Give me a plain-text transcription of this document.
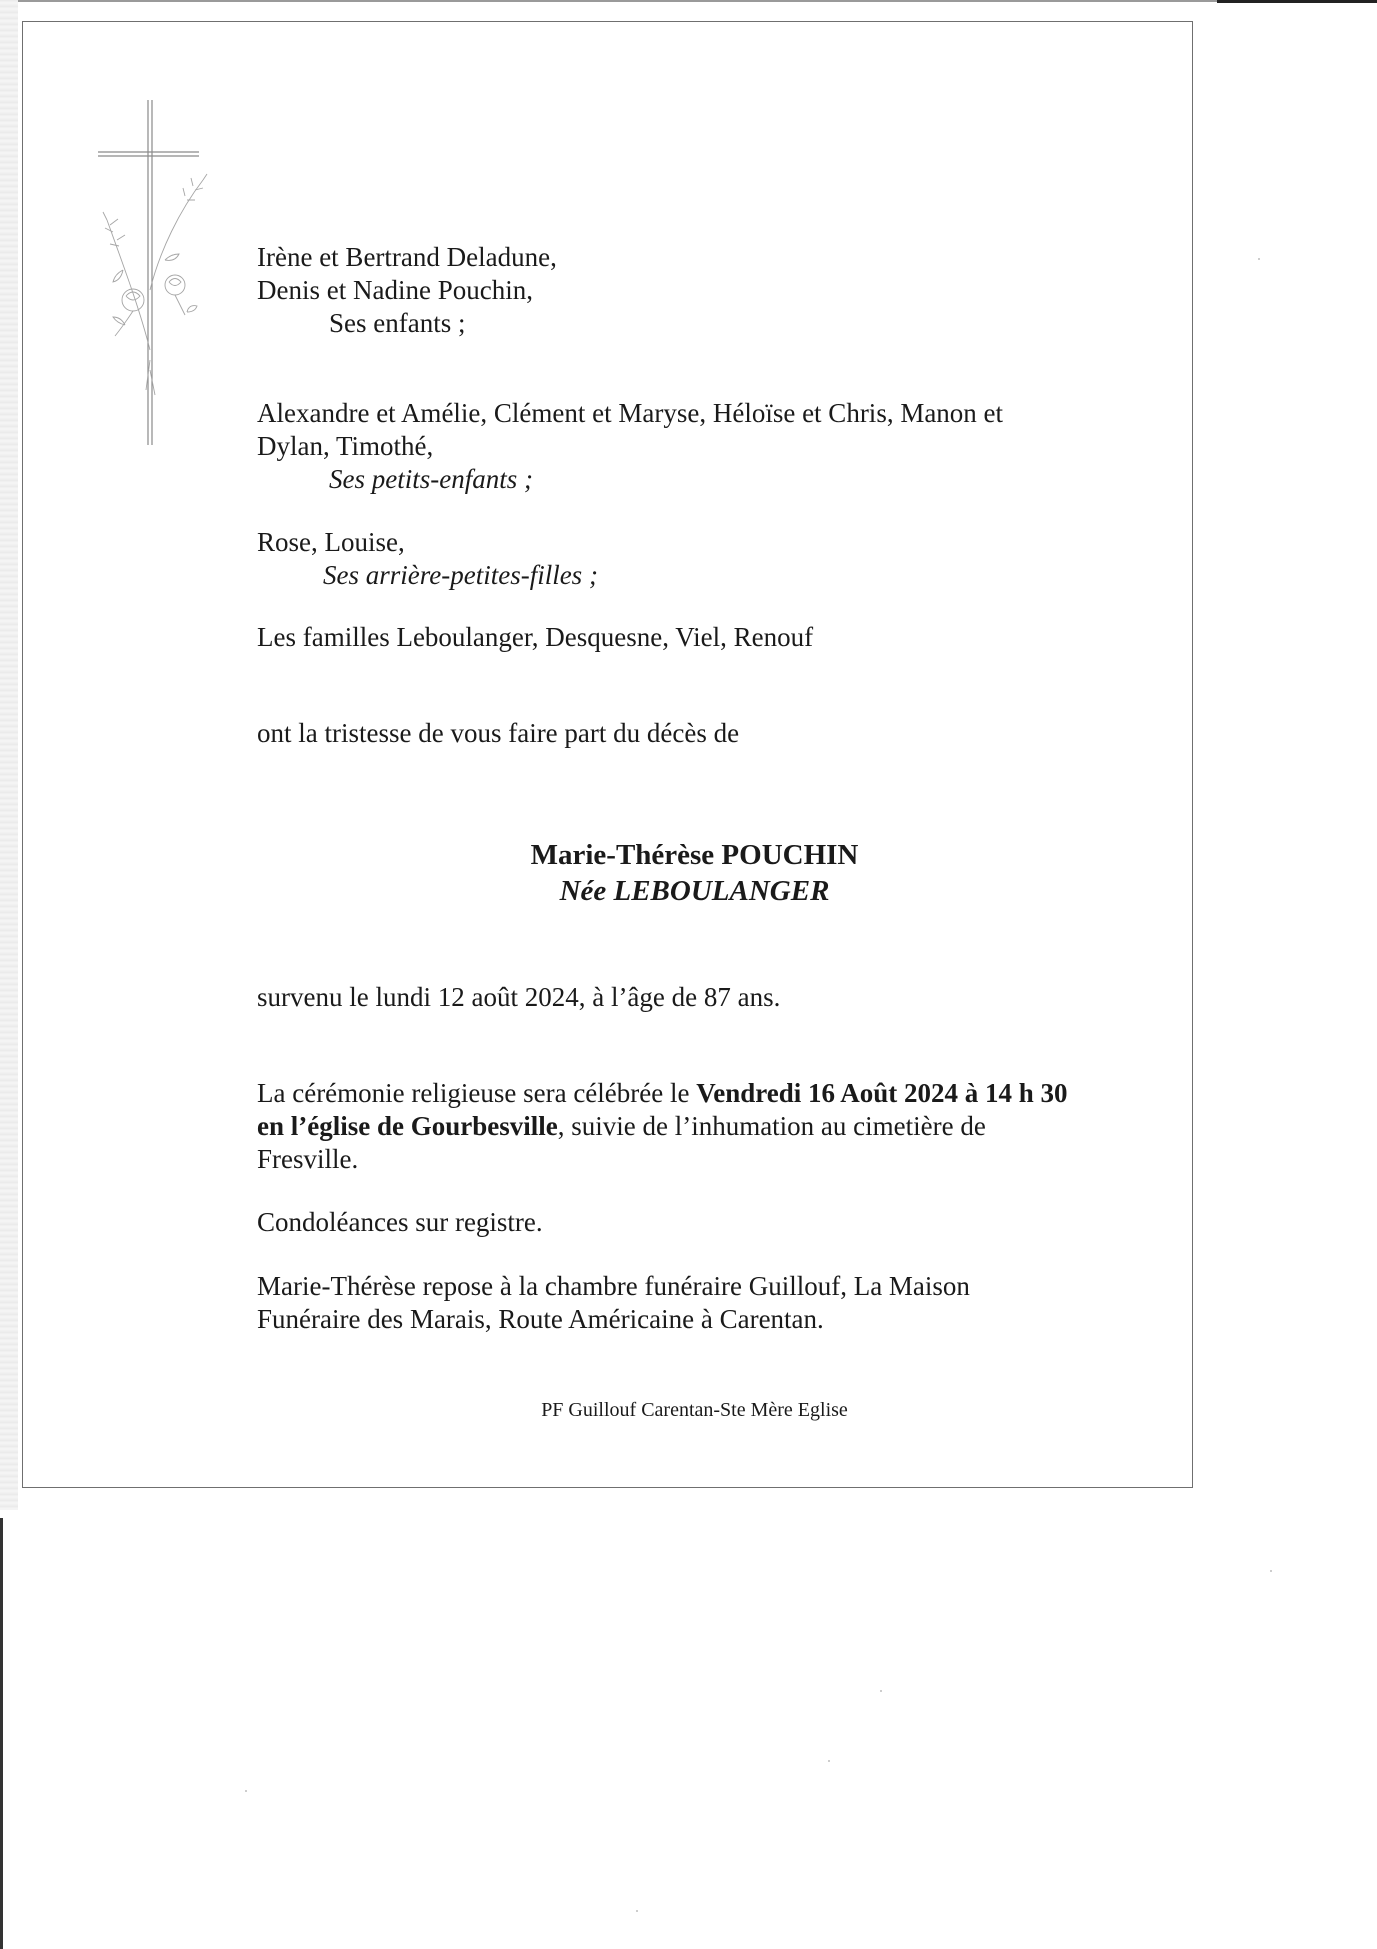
Irène et Bertrand Deladune,
Denis et Nadine Pouchin,
Ses enfants ;
Alexandre et Amélie, Clément et Maryse, Héloïse et Chris, Manon et
Dylan, Timothé,
Ses petits-enfants ;
Rose, Louise,
Ses arrière-petites-filles ;
Les familles Leboulanger, Desquesne, Viel, Renouf
ont la tristesse de vous faire part du décès de
Marie-Thérèse POUCHIN
Née LEBOULANGER
survenu le lundi 12 août 2024, à l’âge de 87 ans.
La cérémonie religieuse sera célébrée le Vendredi 16 Août 2024 à 14 h 30
en l’église de Gourbesville, suivie de l’inhumation au cimetière de
Fresville.
Condoléances sur registre.
Marie-Thérèse repose à la chambre funéraire Guillouf, La Maison
Funéraire des Marais, Route Américaine à Carentan.
PF Guillouf Carentan-Ste Mère Eglise
